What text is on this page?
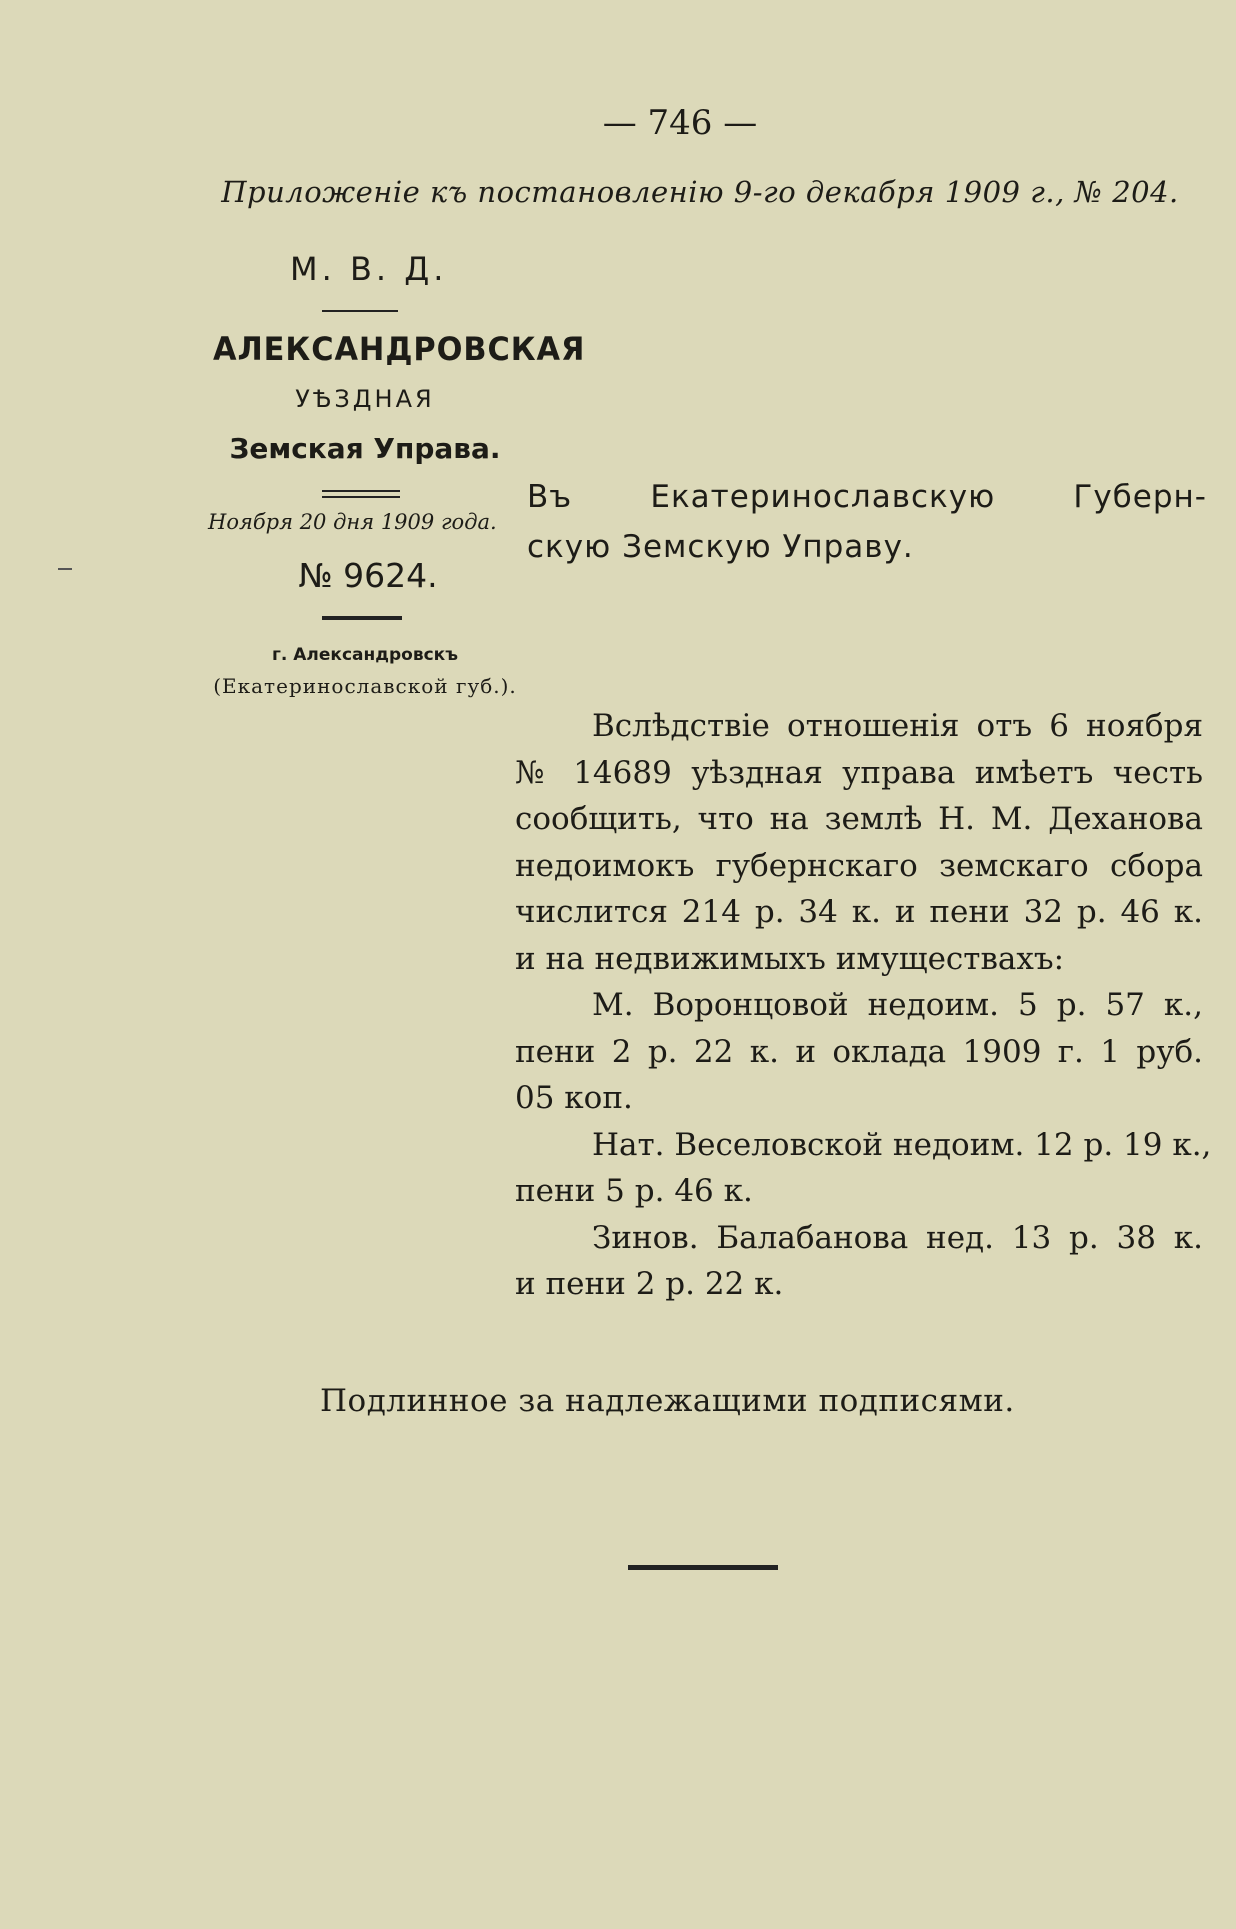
— 746 —
Приложенiе къ постановленiю 9-го декабря 1909 г., № 204.
М. В. Д.
АЛЕКСАНДРОВСКАЯ
УѢЗДНАЯ
Земская Управа.
Ноября 20 дня 1909 года.
№ 9624.
г. Александровскъ
(Екатеринославской губ.).
Въ Екатеринославскую Губерн-
скую Земскую Управу.
Вслѣдствiе отношенiя отъ 6 ноября
№ 14689 уѣздная управа имѣетъ честь
сообщить, что на землѣ Н. М. Деханова
недоимокъ губернскаго земскаго сбора
числится 214 р. 34 к. и пени 32 р. 46 к.
и на недвижимыхъ имуществахъ:
М. Воронцовой недоим. 5 р. 57 к.,
пени 2 р. 22 к. и оклада 1909 г. 1 руб.
05 коп.
Нат. Веселовской недоим. 12 р. 19 к.,
пени 5 р. 46 к.
Зинов. Балабанова нед. 13 р. 38 к.
и пени 2 р. 22 к.
Подлинное за надлежащими подписями.
